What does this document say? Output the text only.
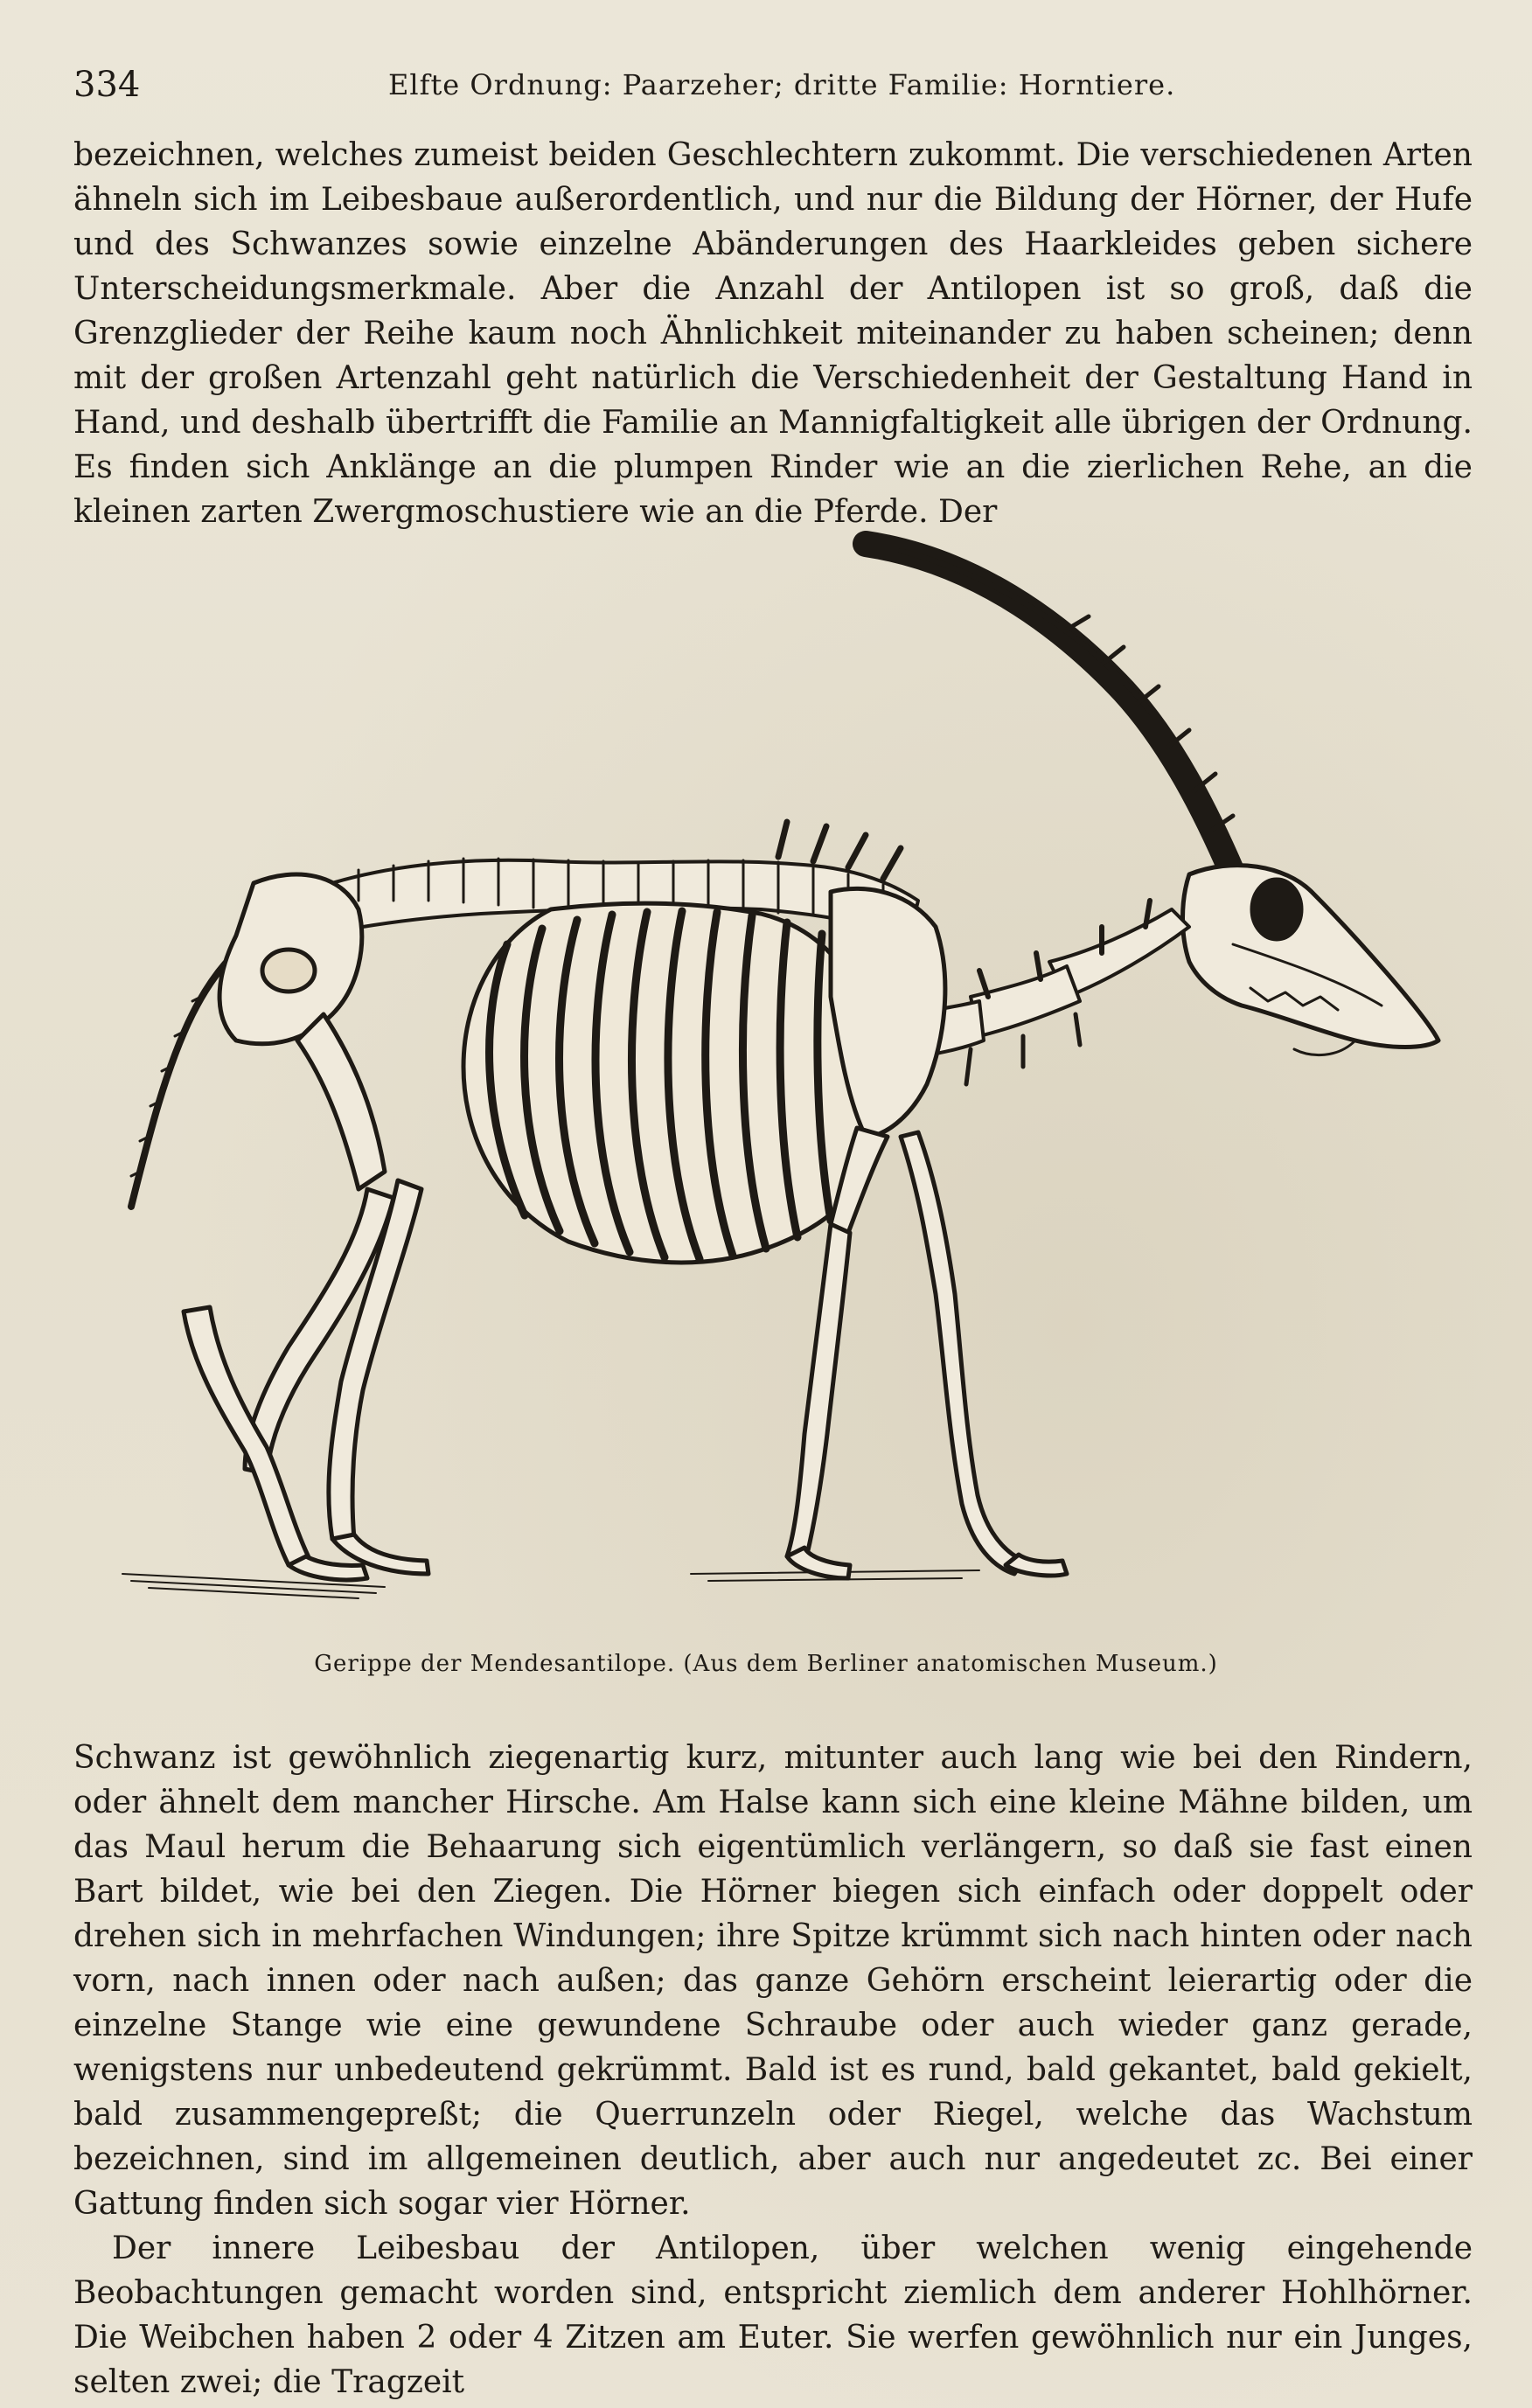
334	Elfte Ordnung: Paarzeher; dritte Familie: Horntiere.

bezeichnen, welches zumeist beiden Geschlechtern zukommt. Die verschiedenen Arten ähneln sich im Leibesbaue außerordentlich, und nur die Bildung der Hörner, der Hufe und des Schwanzes sowie einzelne Abänderungen des Haarkleides geben sichere Unterscheidungsmerkmale. Aber die Anzahl der Antilopen ist so groß, daß die Grenzglieder der Reihe kaum noch Ähnlichkeit miteinander zu haben scheinen; denn mit der großen Artenzahl geht natürlich die Verschiedenheit der Gestaltung Hand in Hand, und deshalb übertrifft die Familie an Mannigfaltigkeit alle übrigen der Ordnung. Es finden sich Anklänge an die plumpen Rinder wie an die zierlichen Rehe, an die kleinen zarten Zwergmoschustiere wie an die Pferde. Der

Gerippe der Mendesantilope. (Aus dem Berliner anatomischen Museum.)

Schwanz ist gewöhnlich ziegenartig kurz, mitunter auch lang wie bei den Rindern, oder ähnelt dem mancher Hirsche. Am Halse kann sich eine kleine Mähne bilden, um das Maul herum die Behaarung sich eigentümlich verlängern, so daß sie fast einen Bart bildet, wie bei den Ziegen. Die Hörner biegen sich einfach oder doppelt oder drehen sich in mehrfachen Windungen; ihre Spitze krümmt sich nach hinten oder nach vorn, nach innen oder nach außen; das ganze Gehörn erscheint leierartig oder die einzelne Stange wie eine gewundene Schraube oder auch wieder ganz gerade, wenigstens nur unbedeutend gekrümmt. Bald ist es rund, bald gekantet, bald gekielt, bald zusammengepreßt; die Querrunzeln oder Riegel, welche das Wachstum bezeichnen, sind im allgemeinen deutlich, aber auch nur angedeutet zc. Bei einer Gattung finden sich sogar vier Hörner.

Der innere Leibesbau der Antilopen, über welchen wenig eingehende Beobachtungen gemacht worden sind, entspricht ziemlich dem anderer Hohlhörner. Die Weibchen haben 2 oder 4 Zitzen am Euter. Sie werfen gewöhnlich nur ein Junges, selten zwei; die Tragzeit
